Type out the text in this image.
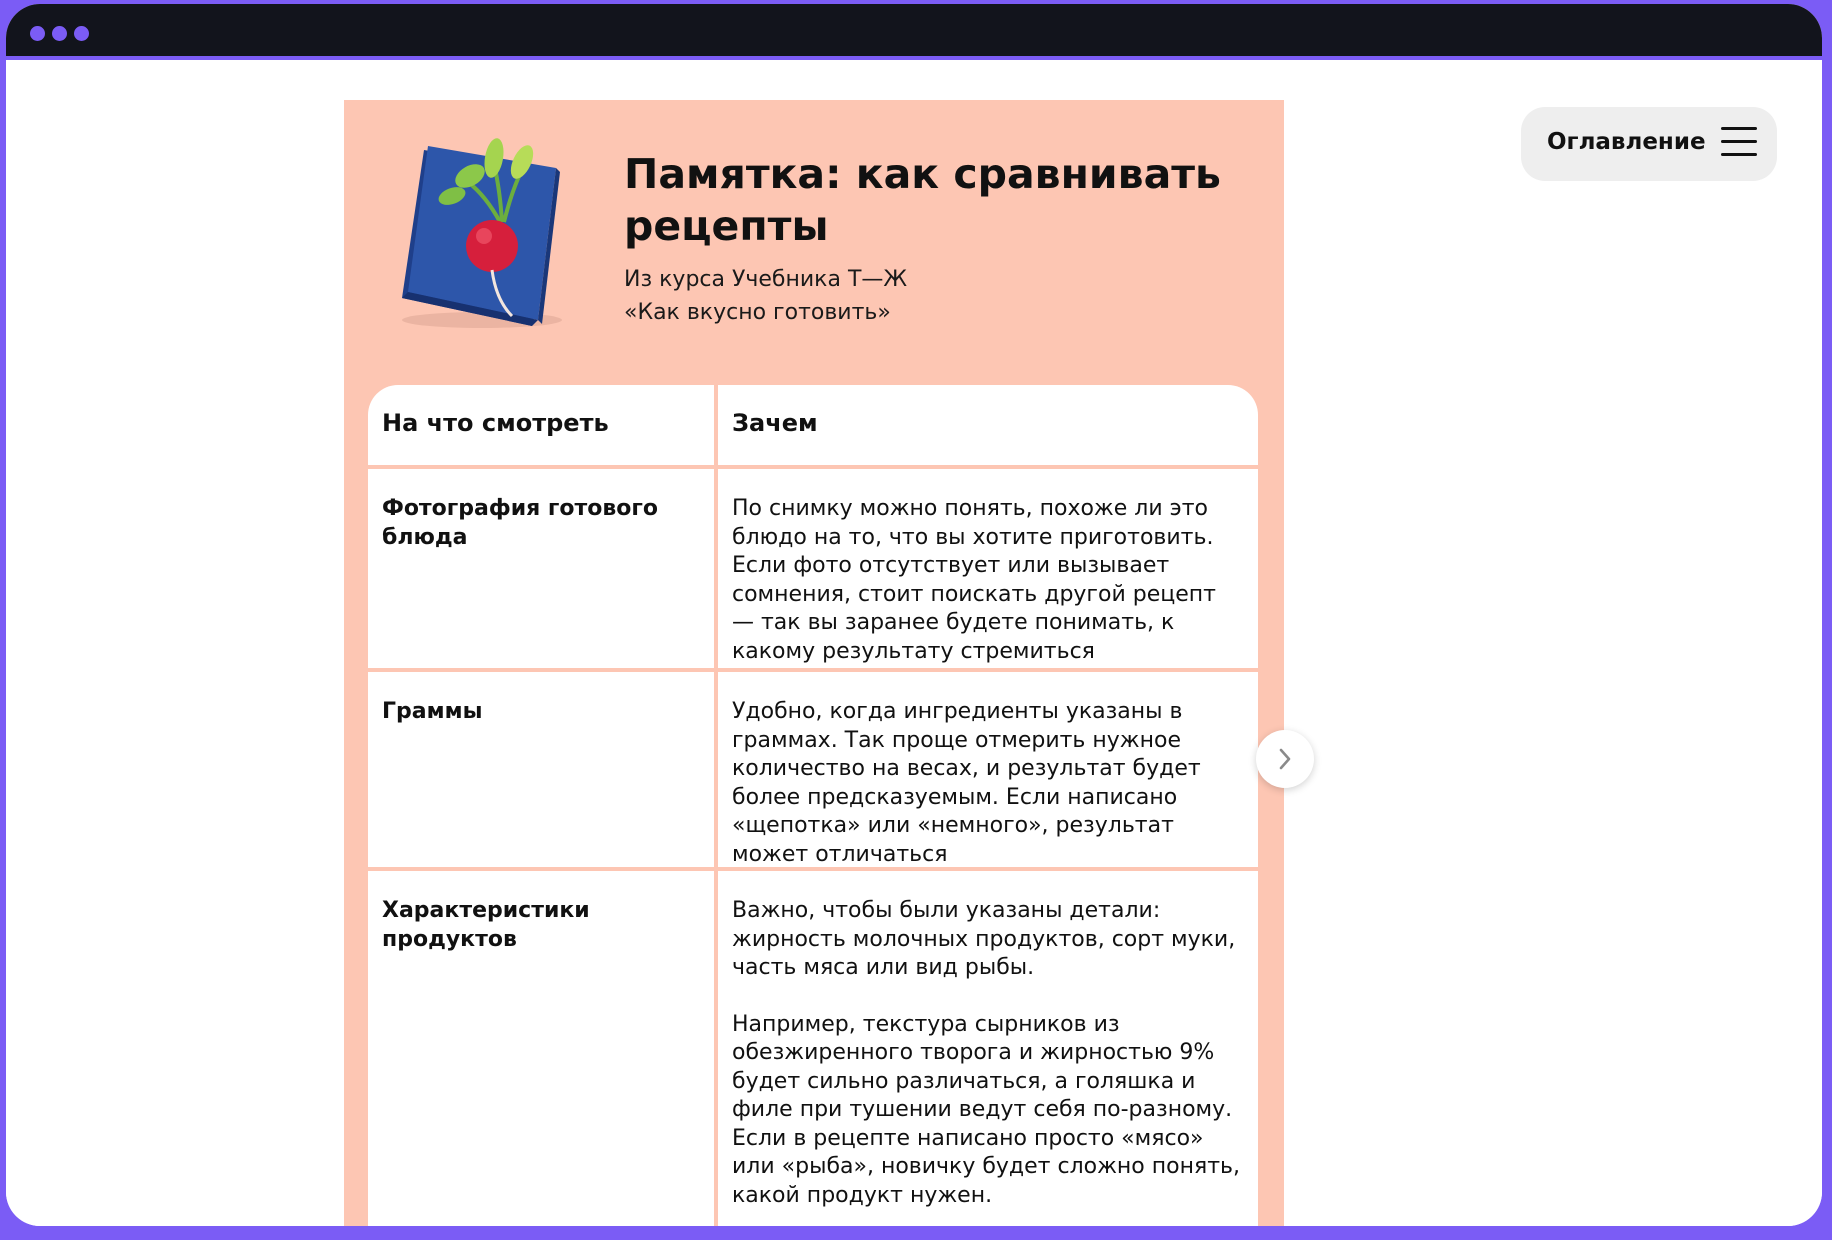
Памятка: как сравнивать рецепты
Из курса Учебника Т—Ж
«Как вкусно готовить»
На что смотреть	Зачем
Фотография готового блюда

По снимку можно понять, похоже ли это блюдо на то, что вы хотите приготовить. Если фото отсутствует или вызывает сомнения, стоит поискать другой рецепт — так вы заранее будете понимать, к какому результату стремиться

Граммы	Удобно, когда ингредиенты указаны в граммах. Так проще отмерить нужное количество на весах, и результат будет более предсказуемым. Если написано «щепотка» или «немного», результат может отличаться

Характеристики продуктов

Важно, чтобы были указаны детали: жирность молочных продуктов, сорт муки, часть мяса или вид рыбы.

Например, текстура сырников из обезжиренного творога и жирностью 9% будет сильно различаться, а голяшка и филе при тушении ведут себя по-разному. Если в рецепте написано просто «мясо» или «рыба», новичку будет сложно понять, какой продукт нужен.

Оглавление
